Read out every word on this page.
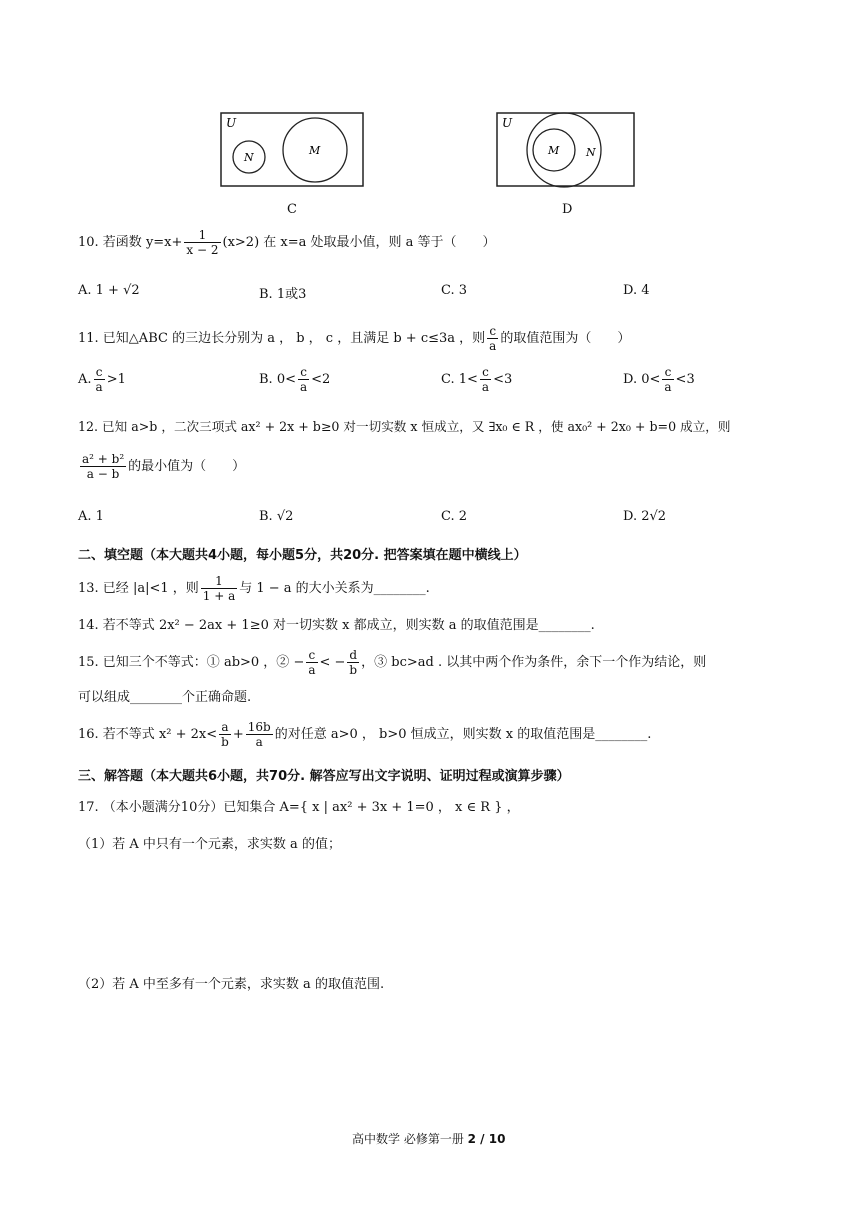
U
N
M
C
U
M N
D
10. 若函数 $y=x+ \frac{1}{x - 2} (x>2)$ 在 x=a 处取最小值，则 a 等于（　　）
A. 1 + √2	B. 1或3	C. 3	D. 4
11. 已知△ABC 的三边长分别为 a ， b ， c ，且满足 b + c≤3a ，则 $\frac{c}{a}$ 的取值范围为（　　）
A. $\frac{c}{a} >1$	B. $0< \frac{c}{a} <2$	C. $1< \frac{c}{a} <3$	D. $0< \frac{c}{a} <3$
12. 已知 a>b ，二次三项式 ax² + 2x + b≥0 对一切实数 x 恒成立，又 ∃x₀ ∈ R ，使 ax₀² + 2x₀ + b=0 成立，则
$\frac{\text{a² + b²}}{a - b}$ 的最小值为（　　）
A. 1	B. √2	C. 2	D. 2√2
二、填空题（本大题共4小题，每小题5分，共20分. 把答案填在题中横线上）
13. 已经 |a|<1 ，则 $\frac{1}{1 + a}$ 与 1 − a 的大小关系为________.
14. 若不等式 2x² − 2ax + 1≥0 对一切实数 x 都成立，则实数 a 的取值范围是________.
15. 已知三个不等式：① ab>0 ，② − $\frac{c}{a}$ < − $\frac{d}{b}$ ，③ bc>ad . 以其中两个作为条件，余下一个作为结论，则
可以组成________个正确命题.
16. 若不等式 $x^2 + 2x< \frac{a}{b} + \frac{16b}{a}$ 的对任意 a>0 ， b>0 恒成立，则实数 x 的取值范围是________.
三、解答题（本大题共6小题，共70分. 解答应写出文字说明、证明过程或演算步骤）
17. （本小题满分10分）已知集合 A={ x | ax² + 3x + 1=0 ， x ∈ R } ，
（1）若 A 中只有一个元素，求实数 a 的值；
（2）若 A 中至多有一个元素，求实数 a 的取值范围.
高中数学 必修第一册 2 / 10
